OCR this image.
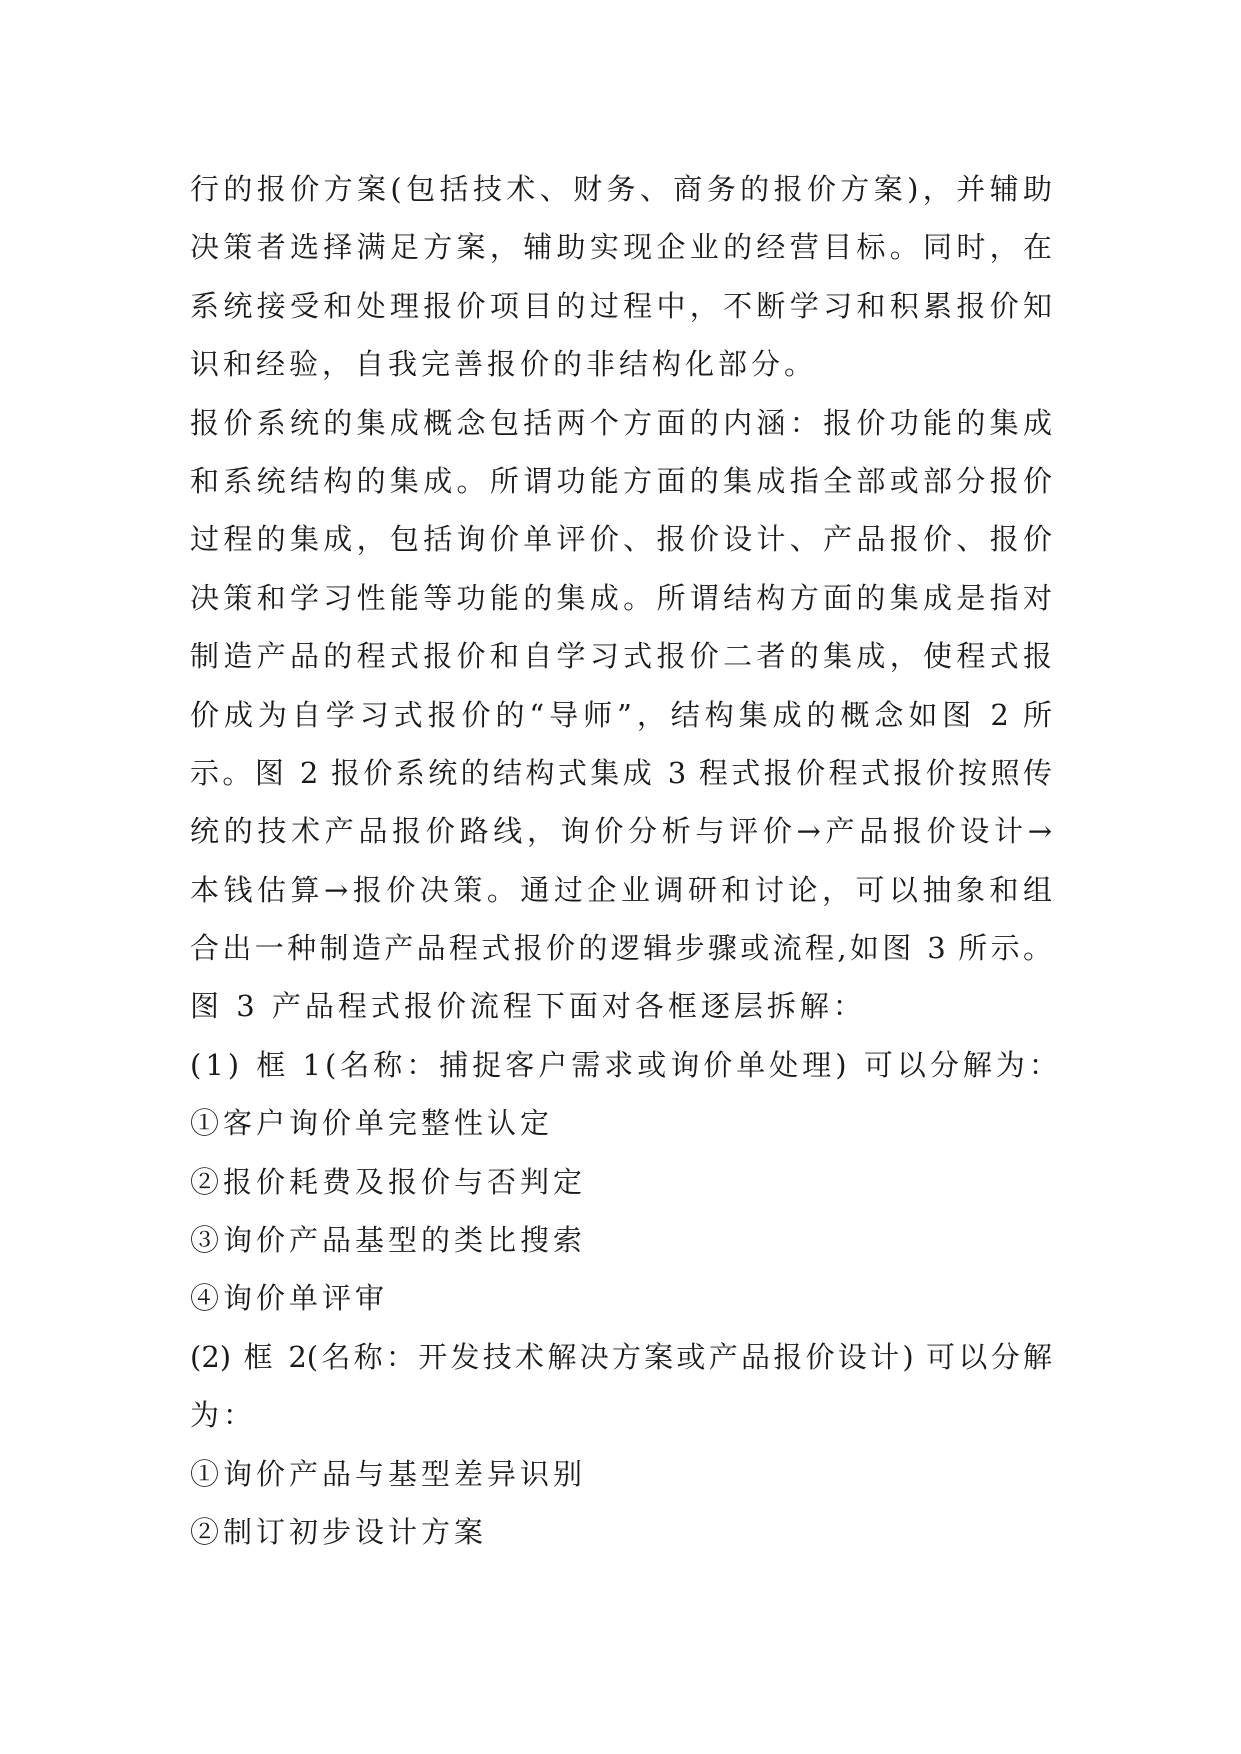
行的报价方案(包括技术、财务、商务的报价方案)，并辅助
决策者选择满足方案，辅助实现企业的经营目标。同时，在
系统接受和处理报价项目的过程中，不断学习和积累报价知
识和经验，自我完善报价的非结构化部分。
报价系统的集成概念包括两个方面的内涵：报价功能的集成
和系统结构的集成。所谓功能方面的集成指全部或部分报价
过程的集成，包括询价单评价、报价设计、产品报价、报价
决策和学习性能等功能的集成。所谓结构方面的集成是指对
制造产品的程式报价和自学习式报价二者的集成，使程式报
价成为自学习式报价的“导师”，结构集成的概念如图 2 所
示。图 2 报价系统的结构式集成 3 程式报价程式报价按照传
统的技术产品报价路线，询价分析与评价→产品报价设计→
本钱估算→报价决策。通过企业调研和讨论，可以抽象和组
合出一种制造产品程式报价的逻辑步骤或流程,如图 3 所示。
图 3 产品程式报价流程下面对各框逐层拆解：
(1) 框 1(名称：捕捉客户需求或询价单处理) 可以分解为：
①客户询价单完整性认定
②报价耗费及报价与否判定
③询价产品基型的类比搜索
④询价单评审
(2) 框 2(名称：开发技术解决方案或产品报价设计) 可以分解
为：
①询价产品与基型差异识别
②制订初步设计方案
